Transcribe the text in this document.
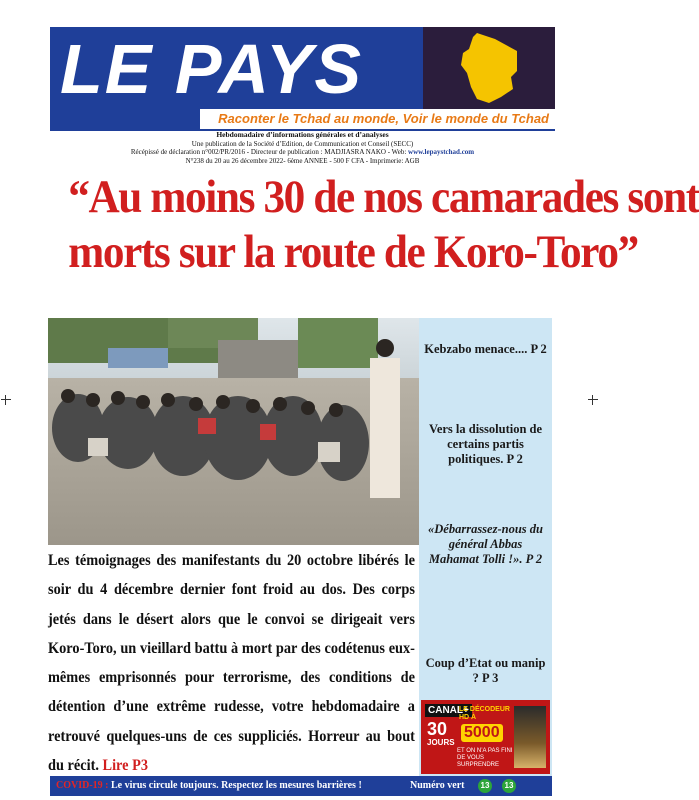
LE PAYS
Raconter le Tchad au monde, Voir le monde du Tchad
Hebdomadaire d’informations générales et d’analyses
Une publication de la Société d’Edition, de Communication et Conseil (SECC)
Récépissé de déclaration n°002/PR/2016 - Directeur de publication : MADJIASRA NAKO - Web: www.lepaystchad.com
N°238 du 20 au 26 décembre 2022- 6ème ANNEE - 500 F CFA - Imprimerie: AGB
“Au moins 30 de nos camarades sont
morts sur la route de Koro-Toro”
Kebzabo menace.... P 2
Vers la dissolution de certains partis politiques. P 2
«Débarrassez-nous du général Abbas Mahamat Tolli !». P 2
Coup d’Etat ou manip ? P 3
CANAL+
30
JOURS
LE DÉCODEUR HD À
5000
ET ON N’A PAS FINI DE VOUS SURPRENDRE
Les témoignages des manifestants du 20 octobre libérés le soir du 4 décembre dernier font froid au dos. Des corps jetés dans le désert alors que le convoi se dirigeait vers Koro-Toro, un vieillard battu à mort par des codétenus eux-mêmes emprisonnés pour terrorisme, des conditions de détention d’une extrême rudesse, votre hebdomadaire a retrouvé quelques-uns de ces suppliciés. Horreur au bout du récit. Lire P3
COVID-19 : Le virus circule toujours. Respectez les mesures barrières !	Numéro vert	13	13
